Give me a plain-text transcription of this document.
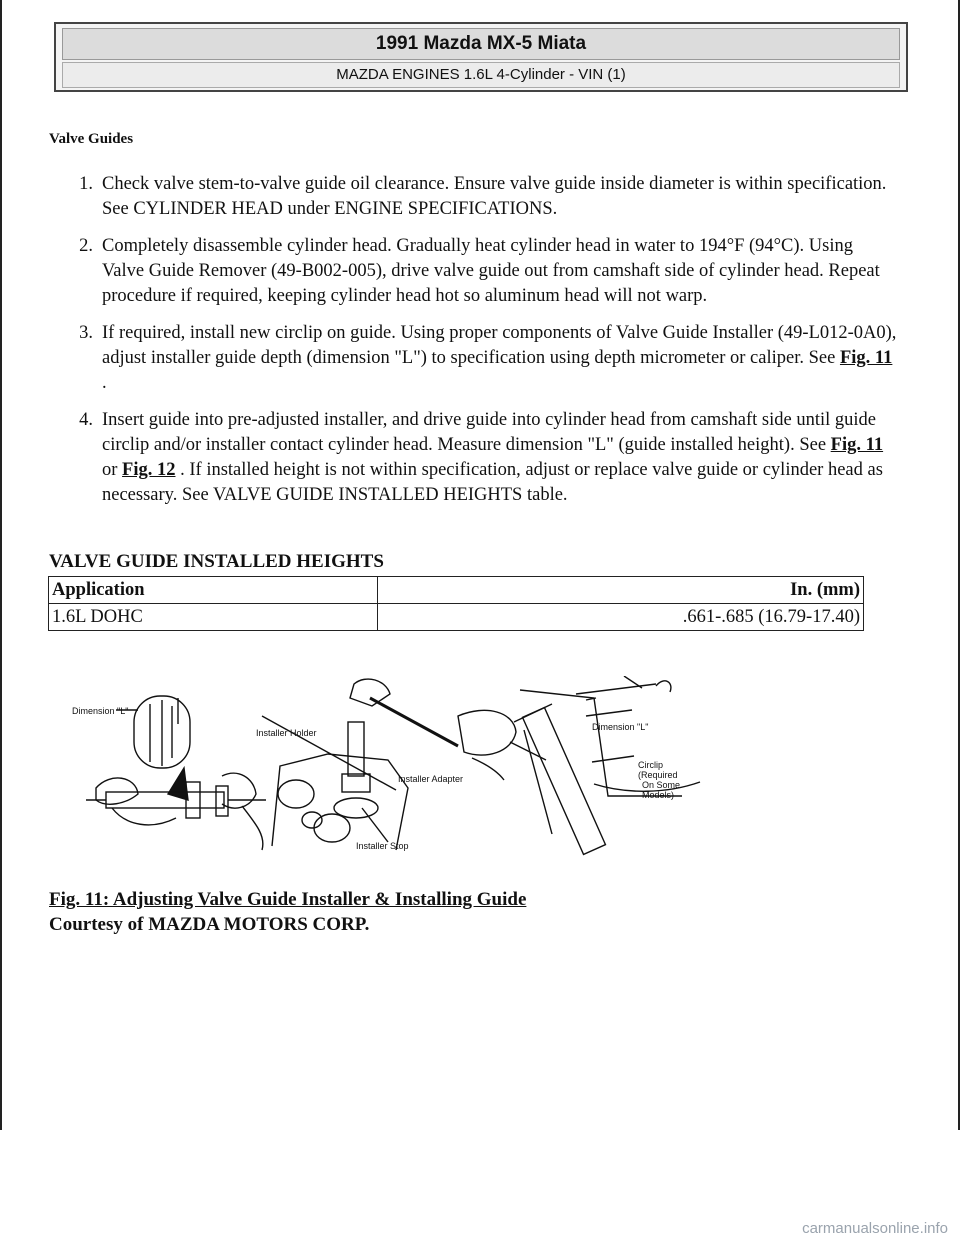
1991 Mazda MX-5 Miata
MAZDA ENGINES 1.6L 4-Cylinder - VIN (1)
Valve Guides
1. Check valve stem-to-valve guide oil clearance. Ensure valve guide inside diameter is within specification. See CYLINDER HEAD under ENGINE SPECIFICATIONS.
2. Completely disassemble cylinder head. Gradually heat cylinder head in water to 194°F (94°C). Using Valve Guide Remover (49-B002-005), drive valve guide out from camshaft side of cylinder head. Repeat procedure if required, keeping cylinder head hot so aluminum head will not warp.
3. If required, install new circlip on guide. Using proper components of Valve Guide Installer (49-L012-0A0), adjust installer guide depth (dimension "L") to specification using depth micrometer or caliper. See Fig. 11 .
4. Insert guide into pre-adjusted installer, and drive guide into cylinder head from camshaft side until guide circlip and/or installer contact cylinder head. Measure dimension "L" (guide installed height). See Fig. 11 or Fig. 12 . If installed height is not within specification, adjust or replace valve guide or cylinder head as necessary. See VALVE GUIDE INSTALLED HEIGHTS table.
VALVE GUIDE INSTALLED HEIGHTS
Application	In. (mm)
1.6L DOHC	.661-.685 (16.79-17.40)
Dimension "L"
Installer Holder
Installer Adapter
Installer Stop
Dimension "L"
Circlip
(Required
On Some
Models)
Fig. 11: Adjusting Valve Guide Installer & Installing Guide
Courtesy of MAZDA MOTORS CORP.
carmanualsonline.info
